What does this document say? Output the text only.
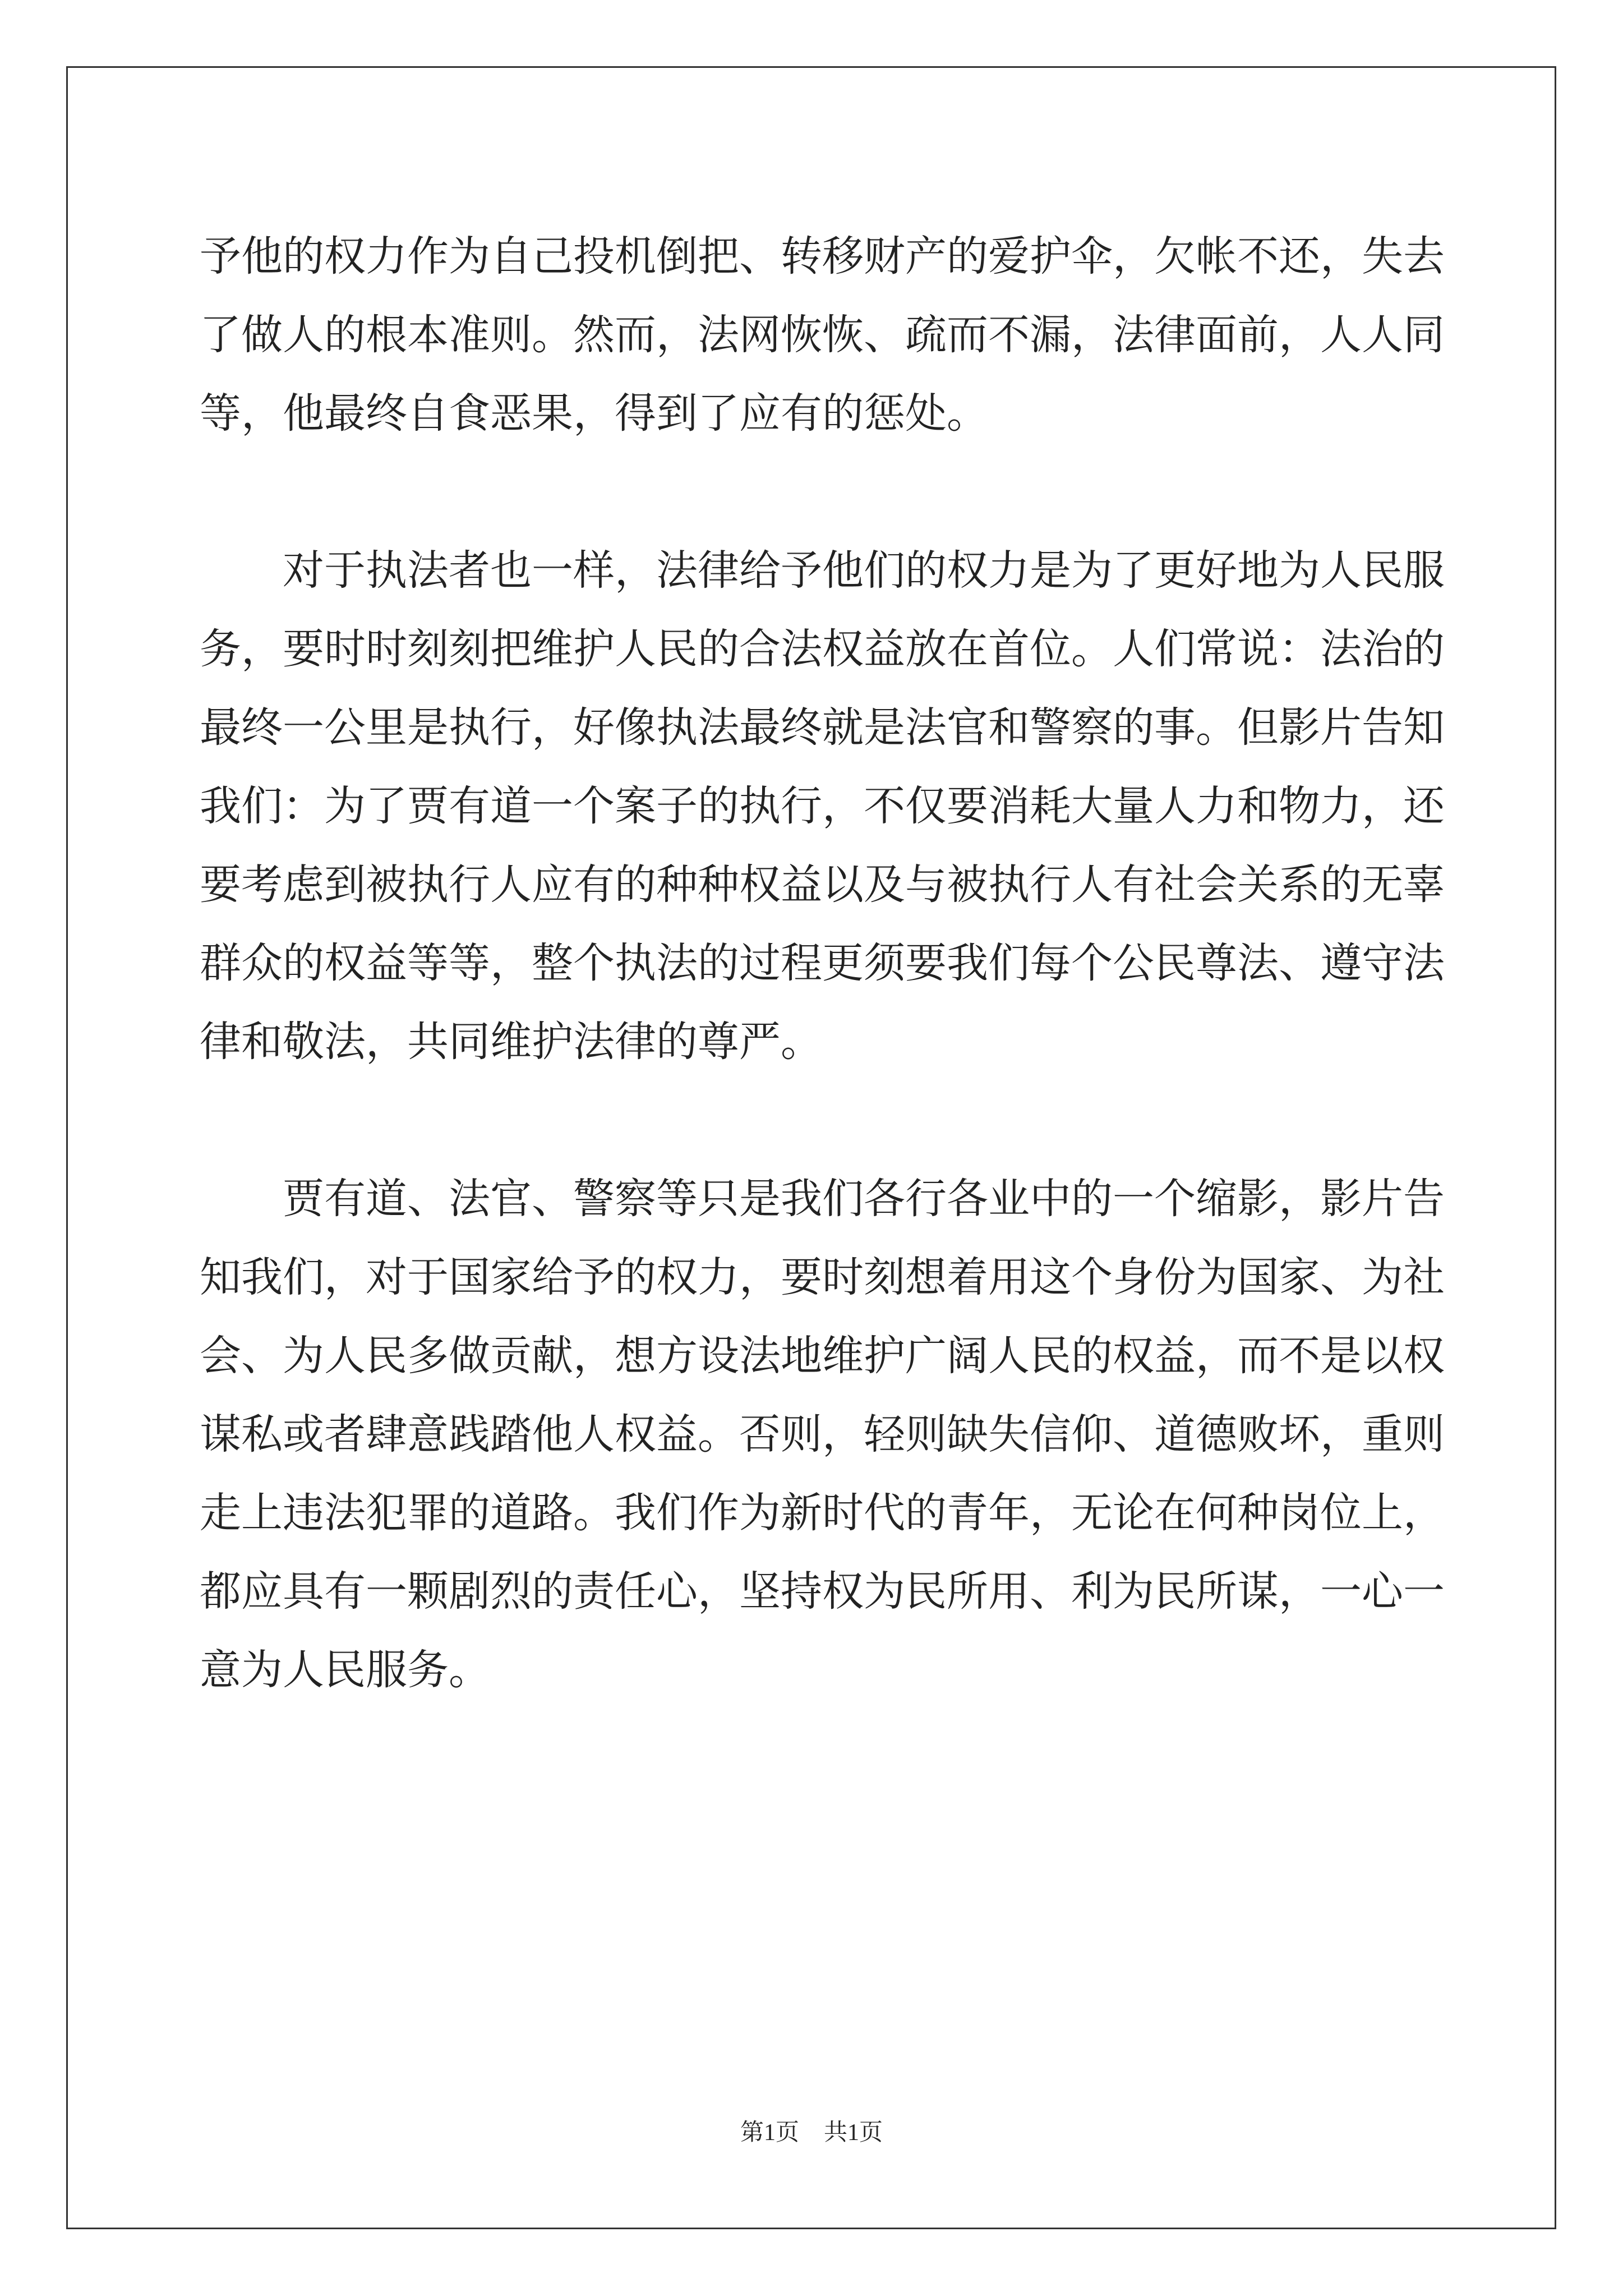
予他的权力作为自己投机倒把、转移财产的爱护伞，欠帐不还，失去
了做人的根本准则。然而，法网恢恢、疏而不漏，法律面前，人人同
等，他最终自食恶果，得到了应有的惩处。
　　对于执法者也一样，法律给予他们的权力是为了更好地为人民服
务，要时时刻刻把维护人民的合法权益放在首位。人们常说：法治的
最终一公里是执行，好像执法最终就是法官和警察的事。但影片告知
我们：为了贾有道一个案子的执行，不仅要消耗大量人力和物力，还
要考虑到被执行人应有的种种权益以及与被执行人有社会关系的无辜
群众的权益等等，整个执法的过程更须要我们每个公民尊法、遵守法
律和敬法，共同维护法律的尊严。
　　贾有道、法官、警察等只是我们各行各业中的一个缩影，影片告
知我们，对于国家给予的权力，要时刻想着用这个身份为国家、为社
会、为人民多做贡献，想方设法地维护广阔人民的权益，而不是以权
谋私或者肆意践踏他人权益。否则，轻则缺失信仰、道德败坏，重则
走上违法犯罪的道路。我们作为新时代的青年，无论在何种岗位上，
都应具有一颗剧烈的责任心，坚持权为民所用、利为民所谋，一心一
意为人民服务。
第1页 共1页
